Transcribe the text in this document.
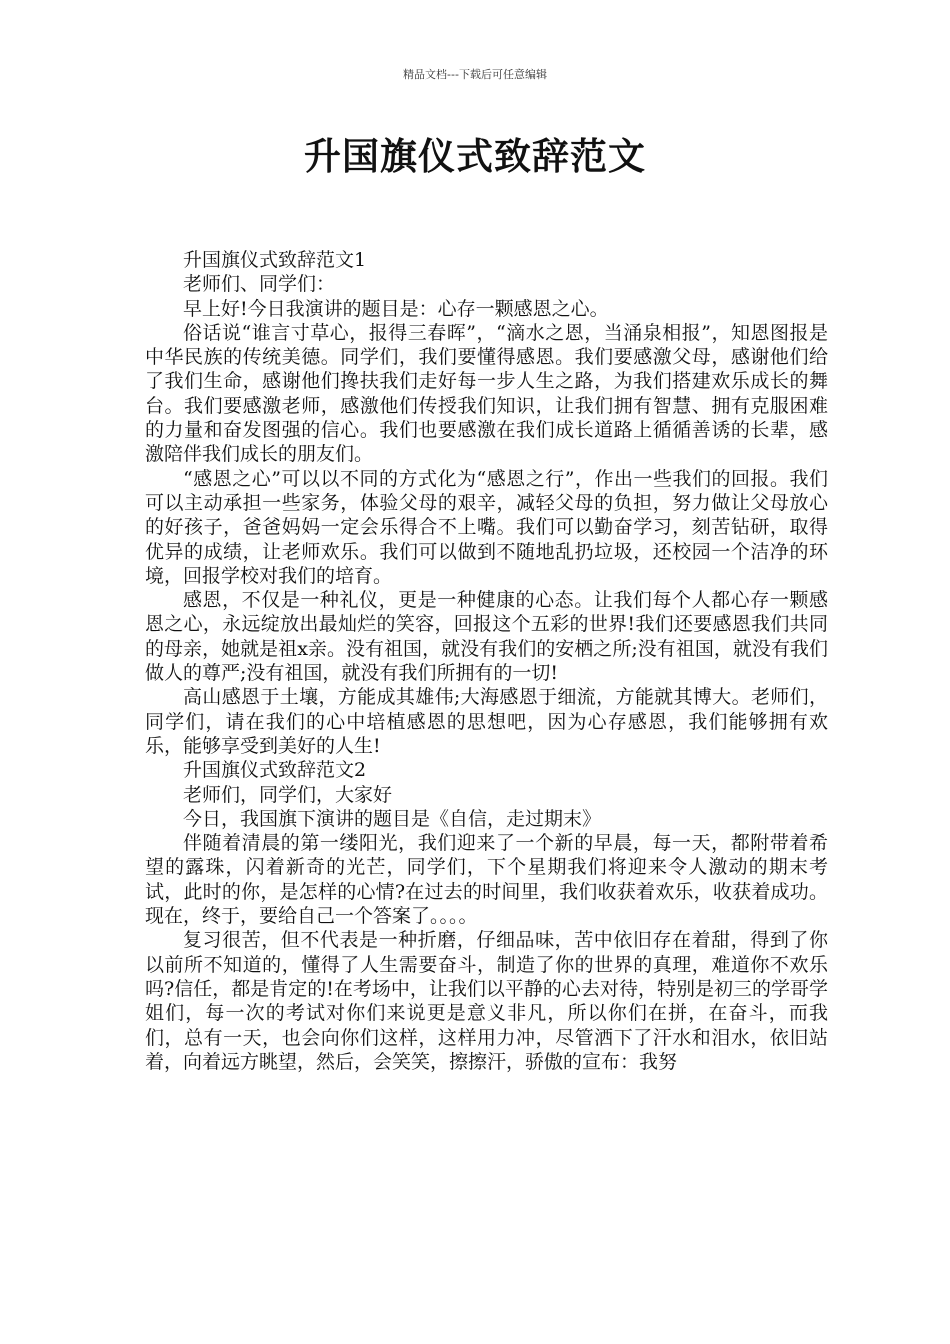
精品文档---下载后可任意编辑
升国旗仪式致辞范文

升国旗仪式致辞范文1

老师们、同学们：

早上好!今日我演讲的题目是：心存一颗感恩之心。

俗话说“谁言寸草心，报得三春晖”，“滴水之恩，当涌泉相报”，知恩图报是中华民族的传统美德。同学们，我们要懂得感恩。我们要感激父母，感谢他们给了我们生命，感谢他们搀扶我们走好每一步人生之路，为我们搭建欢乐成长的舞台。我们要感激老师，感激他们传授我们知识，让我们拥有智慧、拥有克服困难的力量和奋发图强的信心。我们也要感激在我们成长道路上循循善诱的长辈，感激陪伴我们成长的朋友们。

“感恩之心”可以以不同的方式化为“感恩之行”，作出一些我们的回报。我们可以主动承担一些家务，体验父母的艰辛，减轻父母的负担，努力做让父母放心的好孩子，爸爸妈妈一定会乐得合不上嘴。我们可以勤奋学习，刻苦钻研，取得优异的成绩，让老师欢乐。我们可以做到不随地乱扔垃圾，还校园一个洁净的环境，回报学校对我们的培育。

感恩，不仅是一种礼仪，更是一种健康的心态。让我们每个人都心存一颗感恩之心，永远绽放出最灿烂的笑容，回报这个五彩的世界!我们还要感恩我们共同的母亲，她就是祖x亲。没有祖国，就没有我们的安栖之所;没有祖国，就没有我们做人的尊严;没有祖国，就没有我们所拥有的一切!

高山感恩于土壤，方能成其雄伟;大海感恩于细流，方能就其博大。老师们，同学们，请在我们的心中培植感恩的思想吧，因为心存感恩，我们能够拥有欢乐，能够享受到美好的人生!

升国旗仪式致辞范文2

老师们，同学们，大家好

今日，我国旗下演讲的题目是《自信，走过期末》

伴随着清晨的第一缕阳光，我们迎来了一个新的早晨，每一天，都附带着希望的露珠，闪着新奇的光芒，同学们，下个星期我们将迎来令人激动的期末考试，此时的你，是怎样的心情?在过去的时间里，我们收获着欢乐，收获着成功。现在，终于，要给自己一个答案了。。。。

复习很苦，但不代表是一种折磨，仔细品味，苦中依旧存在着甜，得到了你以前所不知道的，懂得了人生需要奋斗，制造了你的世界的真理，难道你不欢乐吗?信任，都是肯定的!在考场中，让我们以平静的心去对待，特别是初三的学哥学姐们，每一次的考试对你们来说更是意义非凡，所以你们在拼，在奋斗，而我们，总有一天，也会向你们这样，这样用力冲，尽管洒下了汗水和泪水，依旧站着，向着远方眺望，然后，会笑笑，擦擦汗，骄傲的宣布：我努
